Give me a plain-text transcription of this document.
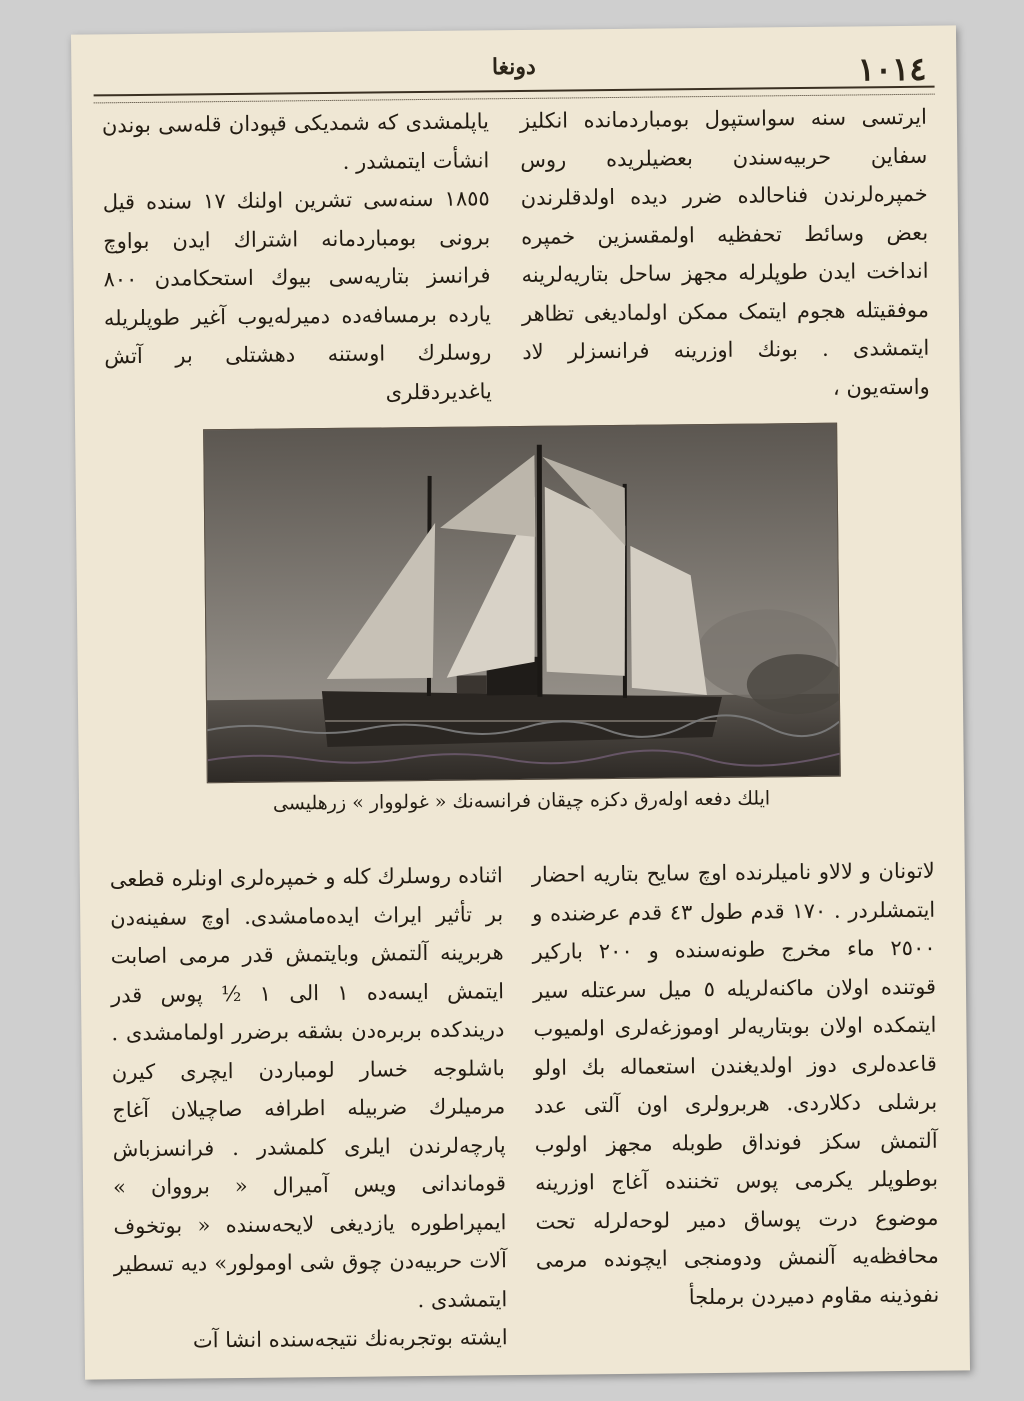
١٠١٤
دونغا

ایرتسی سنه سواستپول بومباردمانده انکلیز سفاین حربیه‌سندن بعضیلریده روس خمپره‌لرندن فناحالده ضرر دیده اولدقلرندن بعض وسائط تحفظیه اولمقسزین خمپره انداخت ایدن طوپلرله مجهز ساحل بتاریه‌لرینه موفقیتله هجوم ایتمک ممکن اولمادیغی تظاهر ایتمشدی . بونك اوزرینه فرانسزلر لاد واسته‌یون ،

یاپلمشدی که شمدیکی قپودان قله‌سی بوندن انشأت ایتمشدر .

١٨٥٥ سنه‌سی تشرین اولنك ١٧ سنده قیل برونی بومباردمانه اشتراك ایدن بواوچ فرانسز بتاریه‌سی بیوك استحکامدن ٨٠٠ یارده برمسافه‌ده دمیرله‌یوب آغیر طوپلریله روسلرك اوستنه دهشتلی بر آتش یاغدیردقلری

ایلك دفعه اوله‌رق دکزه چیقان فرانسه‌نك « غولووار » زرهلیسی

لاتونان و لالاو نامیلرنده اوچ سایح بتاریه احضار ایتمشلردر . ١٧٠ قدم طول ٤٣ قدم عرضنده و ٢٥٠٠ ماء مخرج طونه‌سنده و ٢٠٠ بارکیر قوتنده اولان ماکنه‌لریله ٥ میل سرعتله سیر ایتمکده اولان بوبتاریه‌لر اوموزغه‌لری اولمیوب قاعده‌لری دوز اولدیغندن استعماله بك اولو برشلی دکلاردی. هربرولری اون آلتی عدد آلتمش سکز فونداق طوبله مجهز اولوب بوطوپلر یکرمی پوس تخننده آغاج اوزرینه موضوع درت پوساق دمیر لوحه‌لرله تحت محافظه‌یه آلنمش ودومنجی ایچونده مرمی نفوذینه مقاوم دمیردن برملجأ

اثناده روسلرك کله و خمپره‌لری اونلره قطعی بر تأثیر ایراث ایده‌مامشدی. اوچ سفینه‌دن هربرینه آلتمش وبایتمش قدر مرمی اصابت ایتمش ایسه‌ده ١ الی ١ ½ پوس قدر دریندکده بربره‌دن بشقه برضرر اولمامشدی . باشلوجه خسار لومباردن ایچری کیرن مرمیلرك ضربیله اطرافه صاچیلان آغاج پارچه‌لرندن ایلری کلمشدر . فرانسزباش قوماندانی ویس آمیرال « برووان » ایمپراطوره یازدیغی لایحه‌سنده « بوتخوف آلات حربیه‌دن چوق شی اومولور» دیه تسطیر ایتمشدی .

ایشته بوتجربه‌نك نتیجه‌سنده انشا آت
